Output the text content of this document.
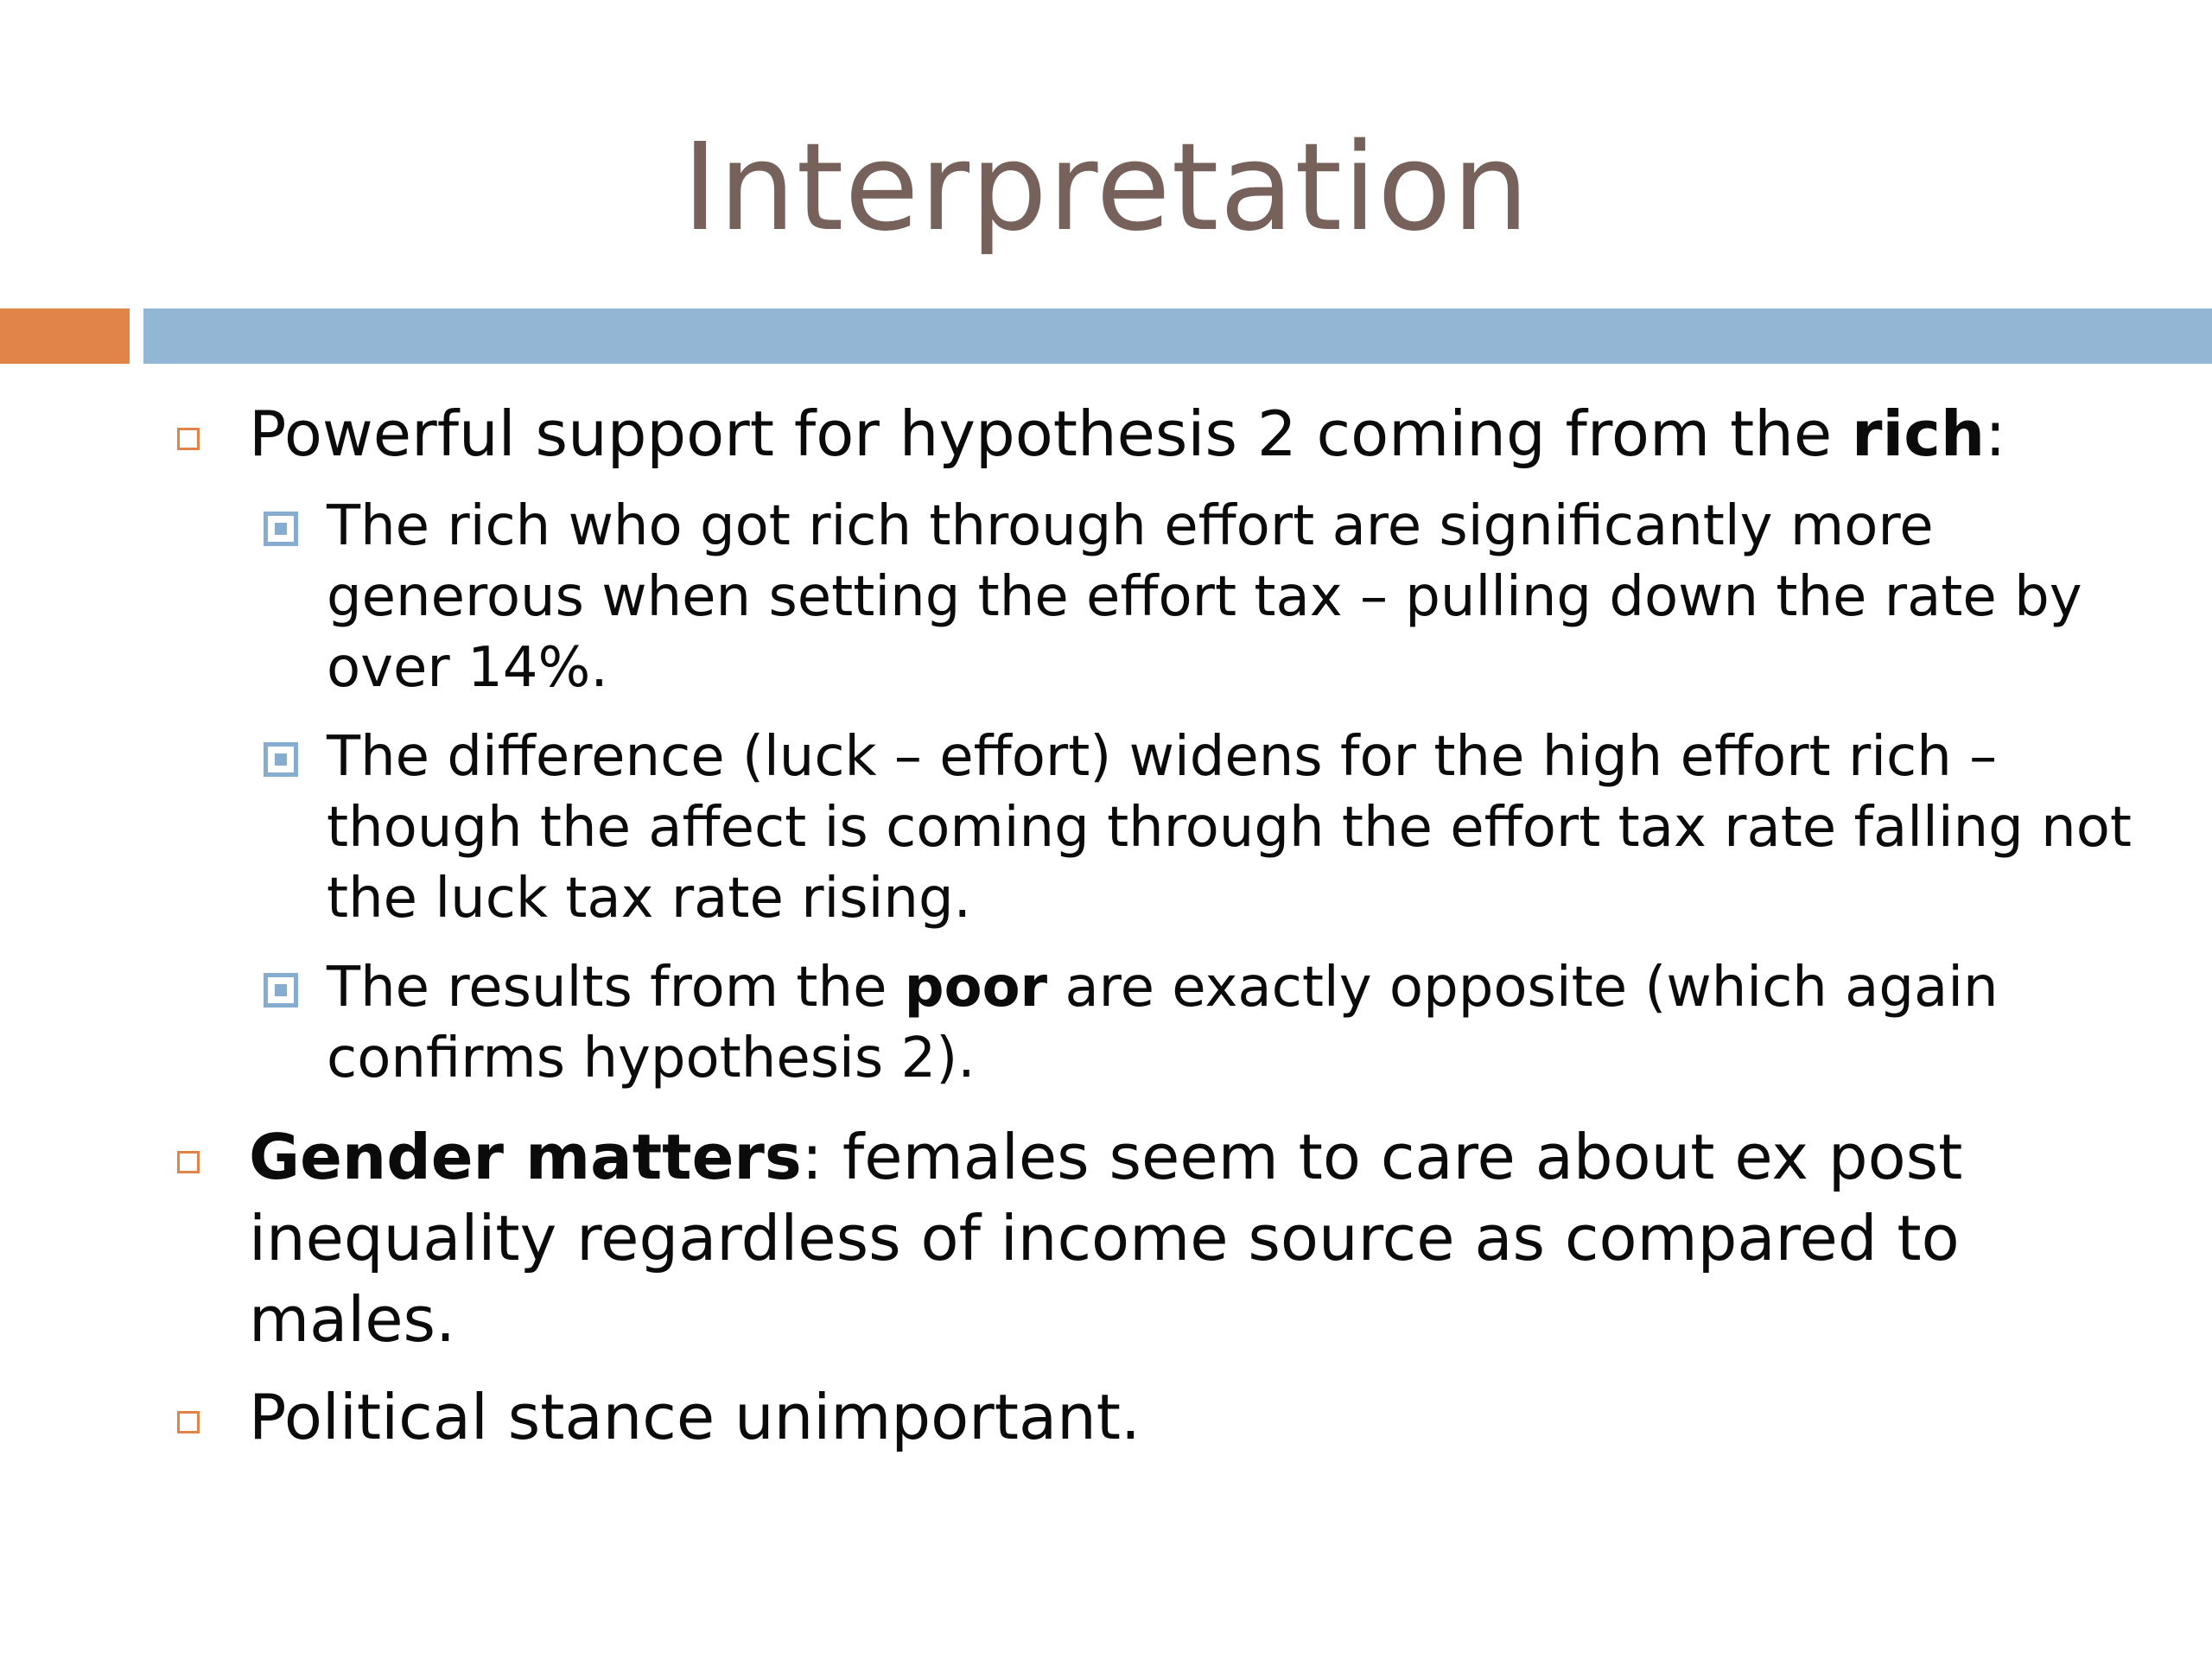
Interpretation
Powerful support for hypothesis 2 coming from the rich:
The rich who got rich through effort are significantly more generous when setting the effort tax – pulling down the rate by over 14%.
The difference (luck – effort) widens for the high effort rich – though the affect is coming through the effort tax rate falling not the luck tax rate rising.
The results from the poor are exactly opposite (which again confirms hypothesis 2).
Gender matters: females seem to care about ex post inequality regardless of income source as compared to males.
Political stance unimportant.
